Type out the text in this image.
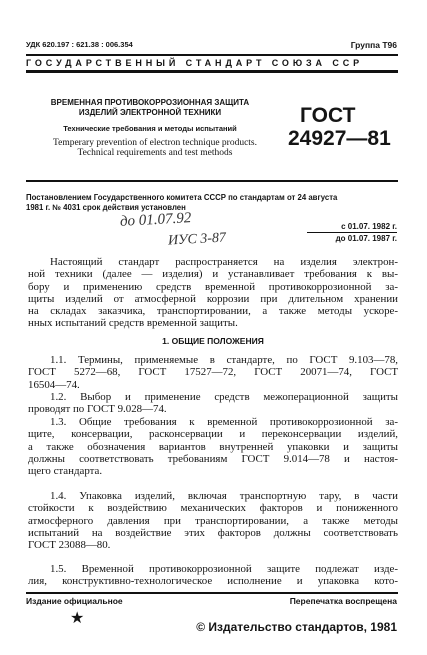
УДК 620.197 : 621.38 : 006.354	Группа Т96
ГОСУДАРСТВЕННЫЙ СТАНДАРТ СОЮЗА ССР
ВРЕМЕННАЯ ПРОТИВОКОРРОЗИОННАЯ ЗАЩИТА
ИЗДЕЛИЙ ЭЛЕКТРОННОЙ ТЕХНИКИ
Технические требования и методы испытаний
Temperary prevention of electron technique products.
Technical requirements and test methods
ГОСТ
24927—81
Постановлением Государственного комитета СССР по стандартам от 24 августа
1981 г. № 4031 срок действия установлен
с 01.07. 1982 г.
до 01.07. 1987 г.
до 01.07.92
ИУС 3-87
Настоящий стандарт распространяется на изделия электрон-
ной техники (далее — изделия) и устанавливает требования к вы-
бору и применению средств временной противокоррозионной за-
щиты изделий от атмосферной коррозии при длительном хранении
на складах заказчика, транспортировании, а также методы ускоре-
нных испытаний средств временной защиты.
1. ОБЩИЕ ПОЛОЖЕНИЯ
1.1. Термины, применяемые в стандарте, по ГОСТ 9.103—78,
ГОСТ 5272—68, ГОСТ 17527—72, ГОСТ 20071—74, ГОСТ
16504—74.
1.2. Выбор и применение средств межоперационной защиты
проводят по ГОСТ 9.028—74.
1.3. Общие требования к временной противокоррозионной за-
щите, консервации, расконсервации и переконсервации изделий,
а также обозначения вариантов внутренней упаковки и защиты
должны соответствовать требованиям ГОСТ 9.014—78 и настоя-
щего стандарта.
1.4. Упаковка изделий, включая транспортную тару, в части
стойкости к воздействию механических факторов и пониженного
атмосферного давления при транспортировании, а также методы
испытаний на воздействие этих факторов должны соответствовать
ГОСТ 23088—80.
1.5. Временной противокоррозионной защите подлежат изде-
лия, конструктивно-технологическое исполнение и упаковка кото-
Издание официальное	Перепечатка воспрещена
★	© Издательство стандартов, 1981
